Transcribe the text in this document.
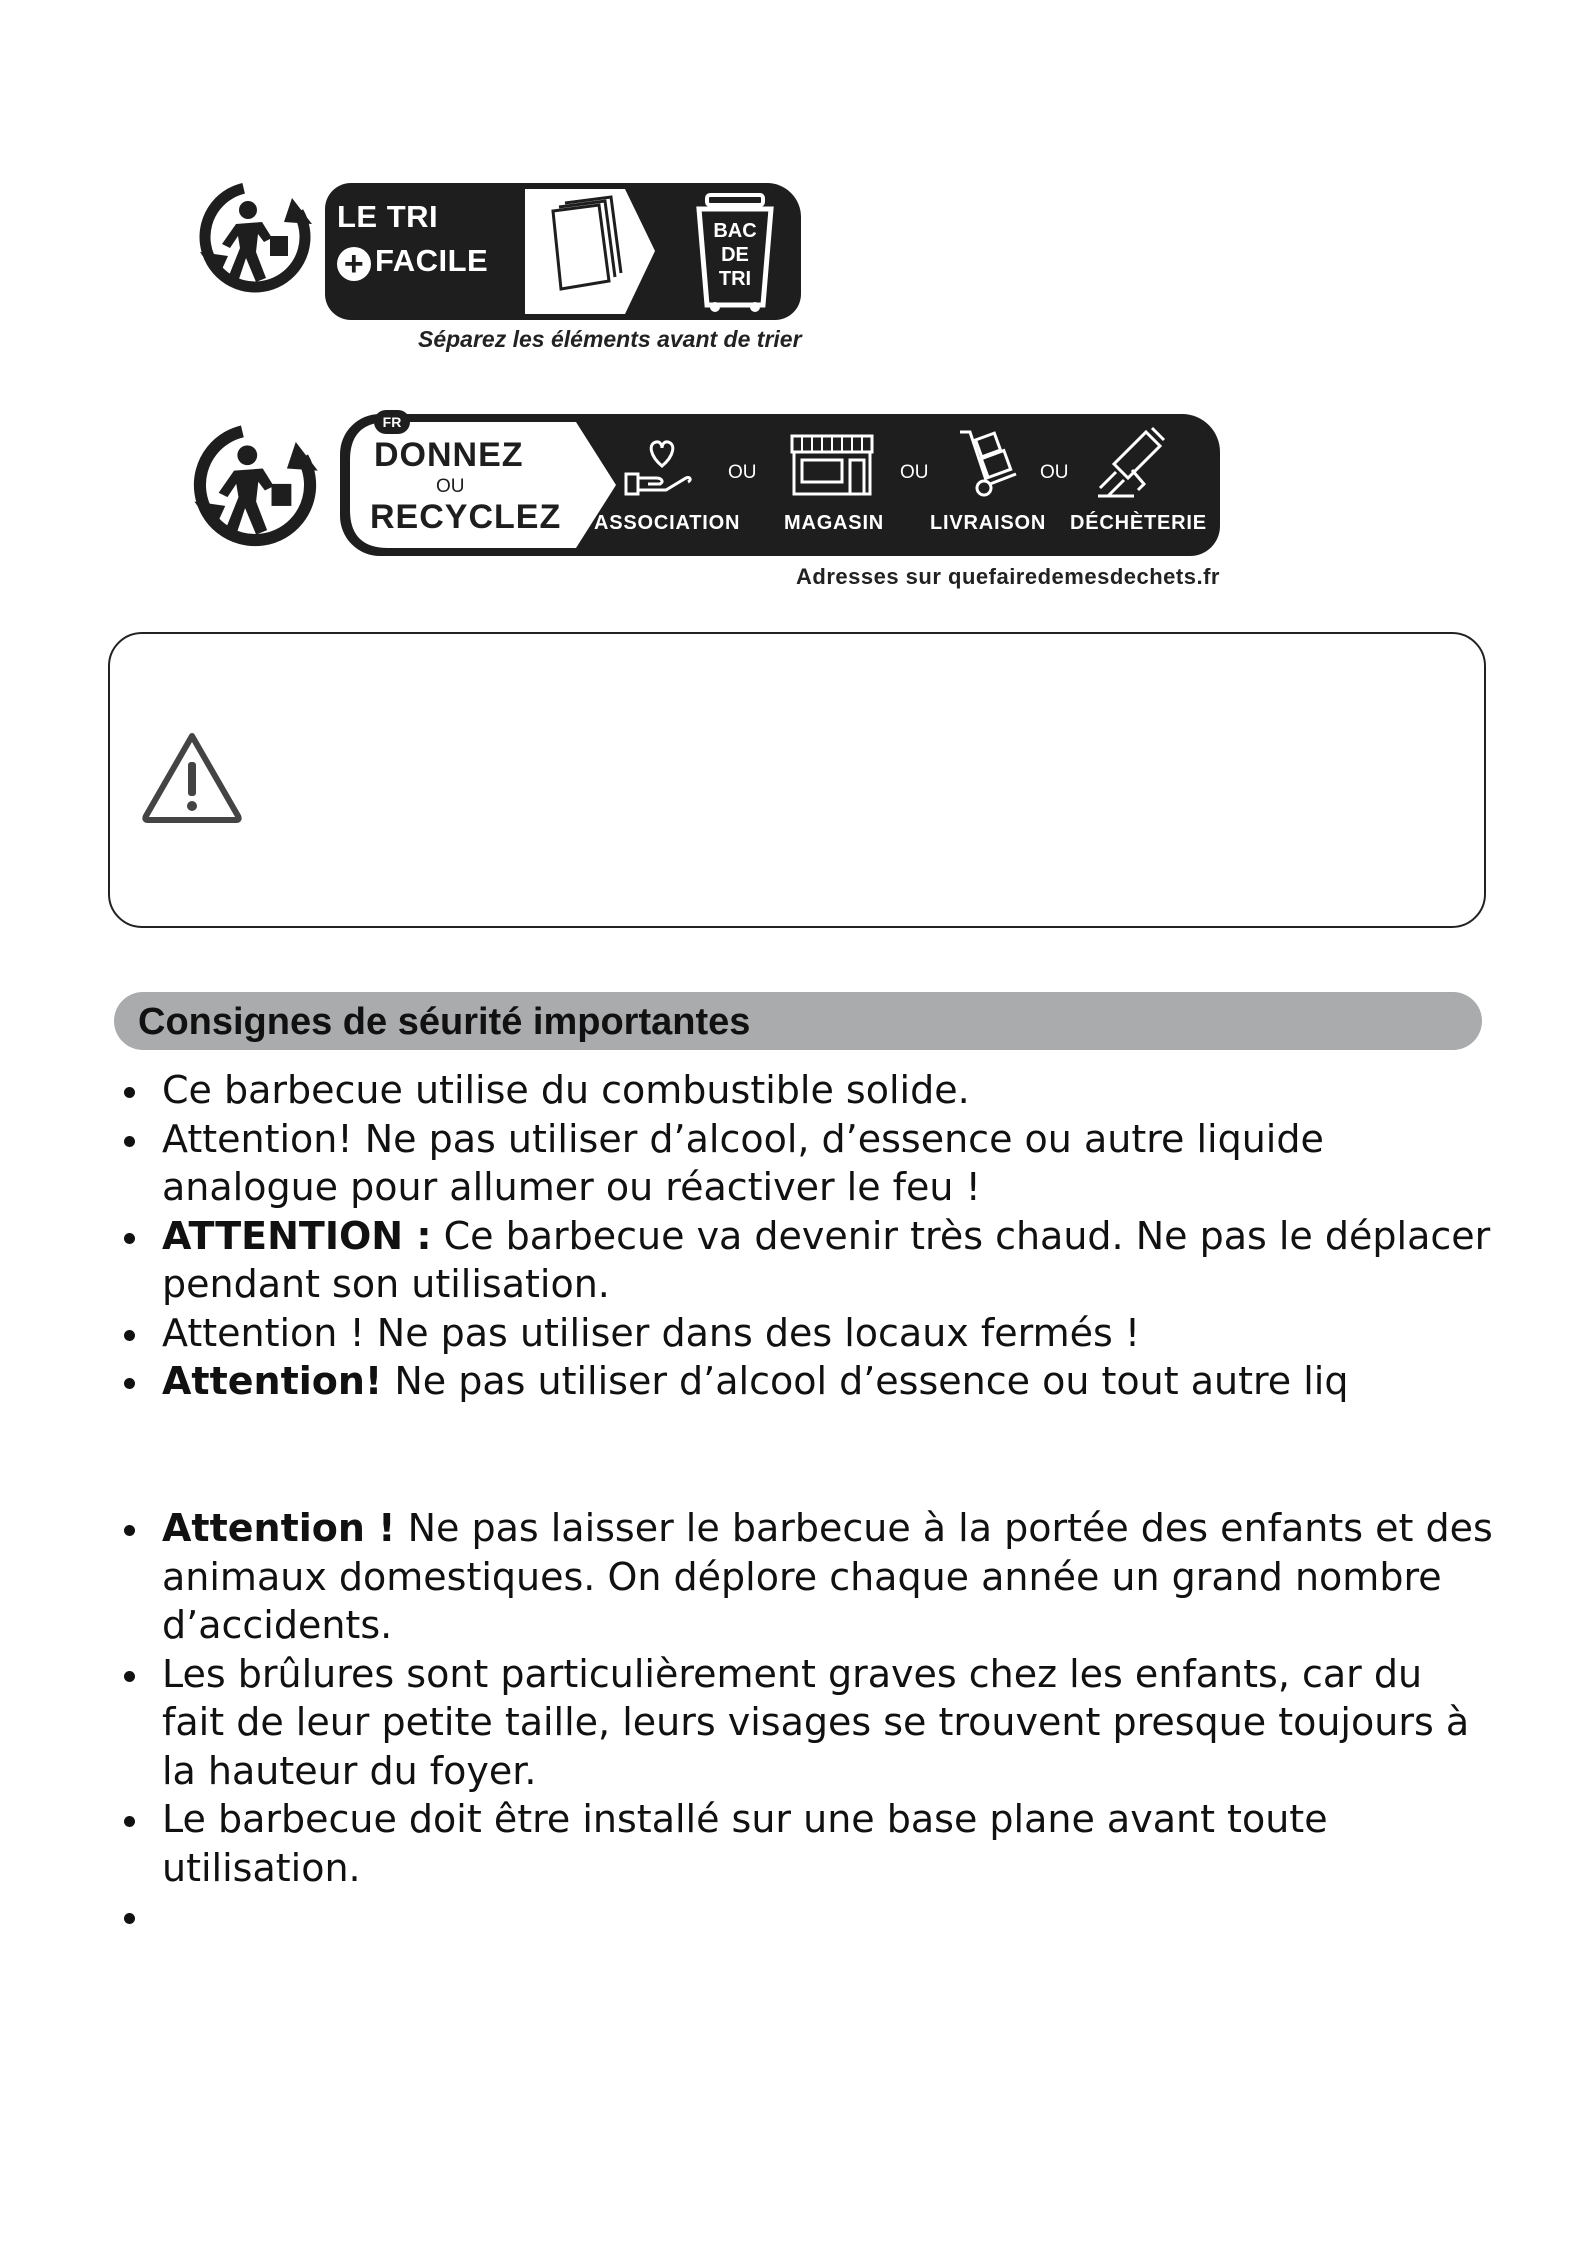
LE TRI
+ FACILE
BAC
DE
TRI
Séparez les éléments avant de trier
FR
DONNEZ
OU
RECYCLEZ
OU	OU	OU
ASSOCIATION MAGASIN LIVRAISON DÉCHÈTERIE
Adresses sur quefairedemesdechets.fr
Consignes de séurité importantes
Ce barbecue utilise du combustible solide.
Attention! Ne pas utiliser d’alcool, d’essence ou autre liquide analogue pour allumer ou réactiver le feu !
ATTENTION : Ce barbecue va devenir très chaud. Ne pas le déplacer pendant son utilisation.
Attention ! Ne pas utiliser dans des locaux fermés !
Attention! Ne pas utiliser d’alcool d’essence ou tout autre liq
Attention ! Ne pas laisser le barbecue à la portée des enfants et des animaux domestiques. On déplore chaque année un grand nombre d’accidents.
Les brûlures sont particulièrement graves chez les enfants, car du fait de leur petite taille, leurs visages se trouvent presque toujours à la hauteur du foyer.
Le barbecue doit être installé sur une base plane avant toute utilisation.
